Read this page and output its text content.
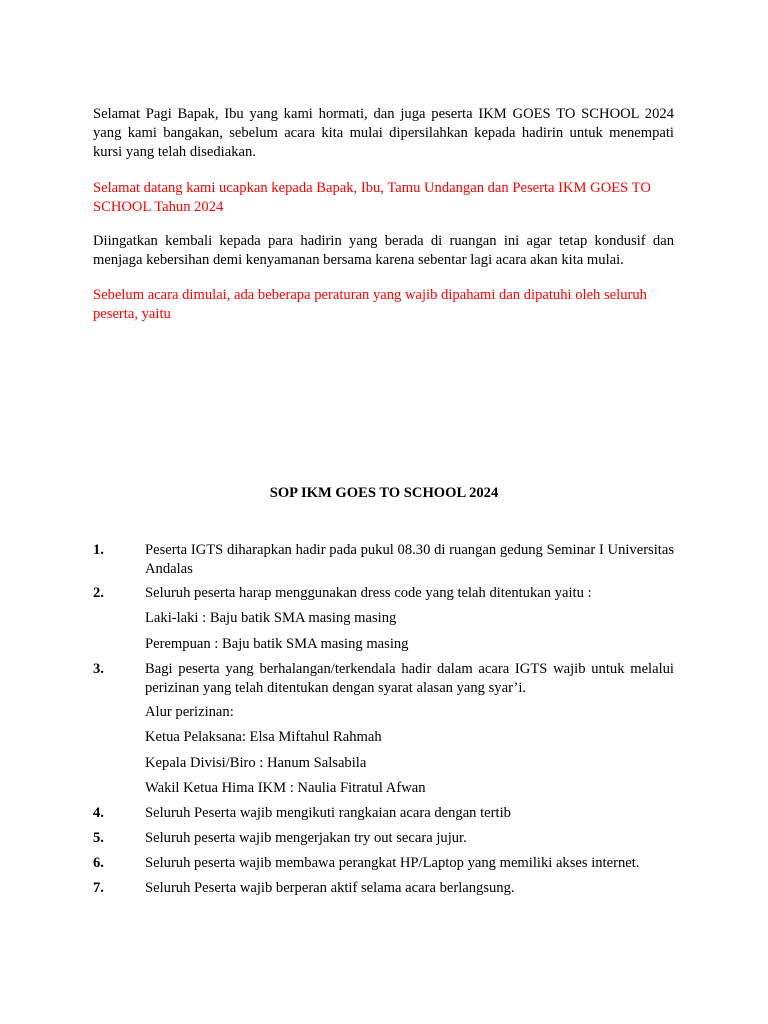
Selamat Pagi Bapak, Ibu yang kami hormati, dan juga peserta IKM GOES TO SCHOOL 2024 yang kami bangakan, sebelum acara kita mulai dipersilahkan kepada hadirin untuk menempati kursi yang telah disediakan.

Selamat datang kami ucapkan kepada Bapak, Ibu, Tamu Undangan dan Peserta IKM GOES TO SCHOOL Tahun 2024

Diingatkan kembali kepada para hadirin yang berada di ruangan ini agar tetap kondusif dan menjaga kebersihan demi kenyamanan bersama karena sebentar lagi acara akan kita mulai.

Sebelum acara dimulai, ada beberapa peraturan yang wajib dipahami dan dipatuhi oleh seluruh peserta, yaitu

SOP IKM GOES TO SCHOOL 2024

1.	Peserta IGTS diharapkan hadir pada pukul 08.30 di ruangan gedung Seminar I Universitas Andalas
2.	Seluruh peserta harap menggunakan dress code yang telah ditentukan yaitu :
Laki-laki : Baju batik SMA masing masing
Perempuan : Baju batik SMA masing masing
3.	Bagi peserta yang berhalangan/terkendala hadir dalam acara IGTS wajib untuk melalui perizinan yang telah ditentukan dengan syarat alasan yang syar’i.
Alur perizinan:
Ketua Pelaksana: Elsa Miftahul Rahmah
Kepala Divisi/Biro : Hanum Salsabila
Wakil Ketua Hima IKM : Naulia Fitratul Afwan
4.	Seluruh Peserta wajib mengikuti rangkaian acara dengan tertib
5.	Seluruh peserta wajib mengerjakan try out secara jujur.
6.	Seluruh peserta wajib membawa perangkat HP/Laptop yang memiliki akses internet.
7.	Seluruh Peserta wajib berperan aktif selama acara berlangsung.
